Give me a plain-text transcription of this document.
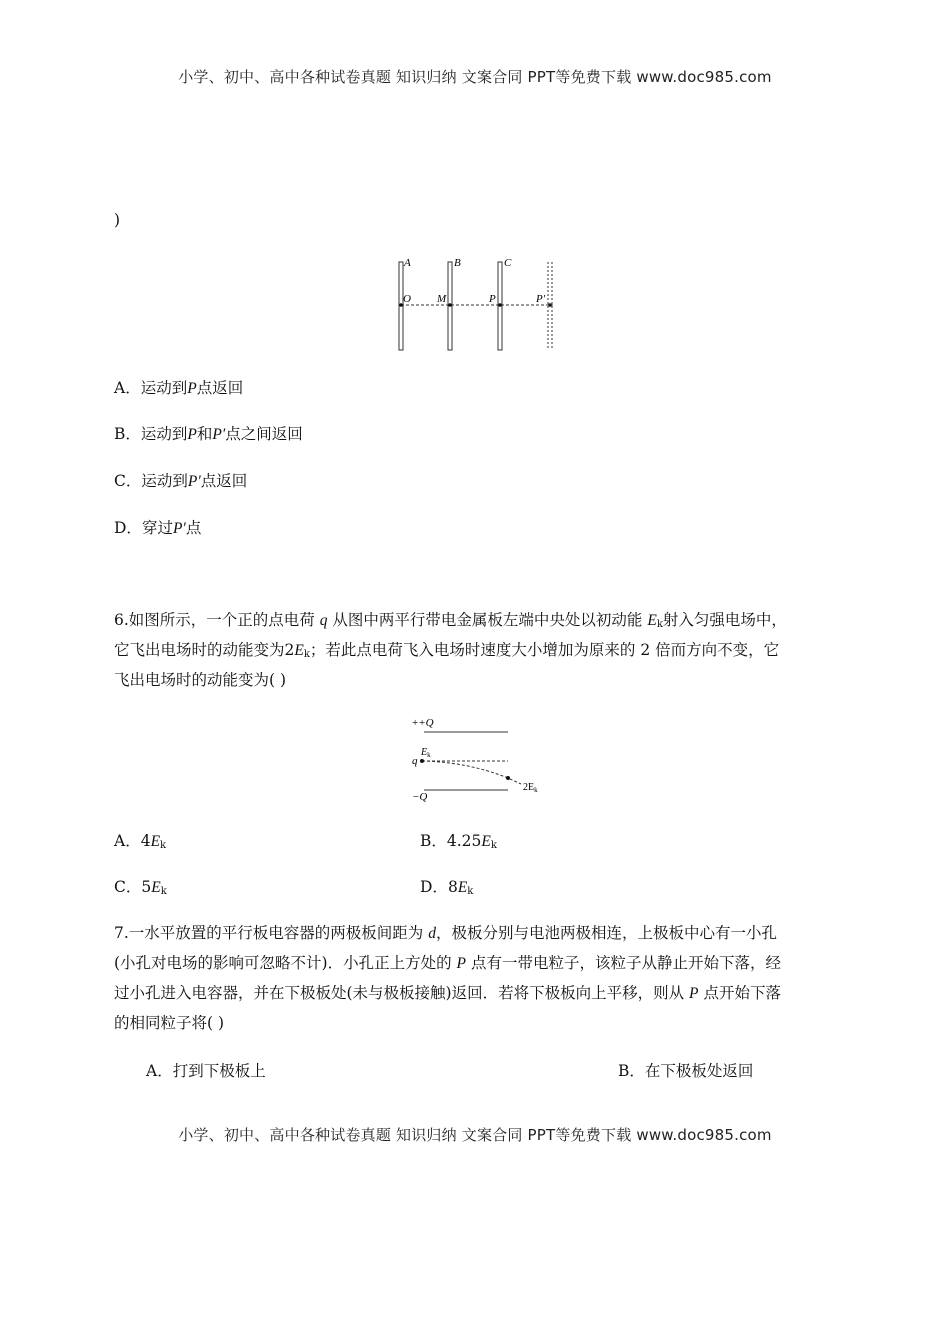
小学、初中、高中各种试卷真题 知识归纳 文案合同 PPT等免费下载 www.doc985.com
)
A	B	C
O M	P	P′
A．运动到P点返回
B．运动到P和P′点之间返回
C．运动到P′点返回
D．穿过P′点
6.如图所示，一个正的点电荷 q 从图中两平行带电金属板左端中央处以初动能 $E_k$射入匀强电场中，
它飞出电场时的动能变为$2E_k$；若此点电荷飞入电场时速度大小增加为原来的 2 倍而方向不变，它
飞出电场时的动能变为( )
++Q
−Q
q
$E_k$
$2E_k$
A．$4E_k$	B．$4.25E_k$
C．$5E_k$	D．$8E_k$
7.一水平放置的平行板电容器的两极板间距为 d，极板分别与电池两极相连，上极板中心有一小孔
(小孔对电场的影响可忽略不计)．小孔正上方处的 P 点有一带电粒子，该粒子从静止开始下落，经
过小孔进入电容器，并在下极板处(未与极板接触)返回．若将下极板向上平移，则从 P 点开始下落
的相同粒子将( )
A．打到下极板上	B．在下极板处返回
小学、初中、高中各种试卷真题 知识归纳 文案合同 PPT等免费下载 www.doc985.com
